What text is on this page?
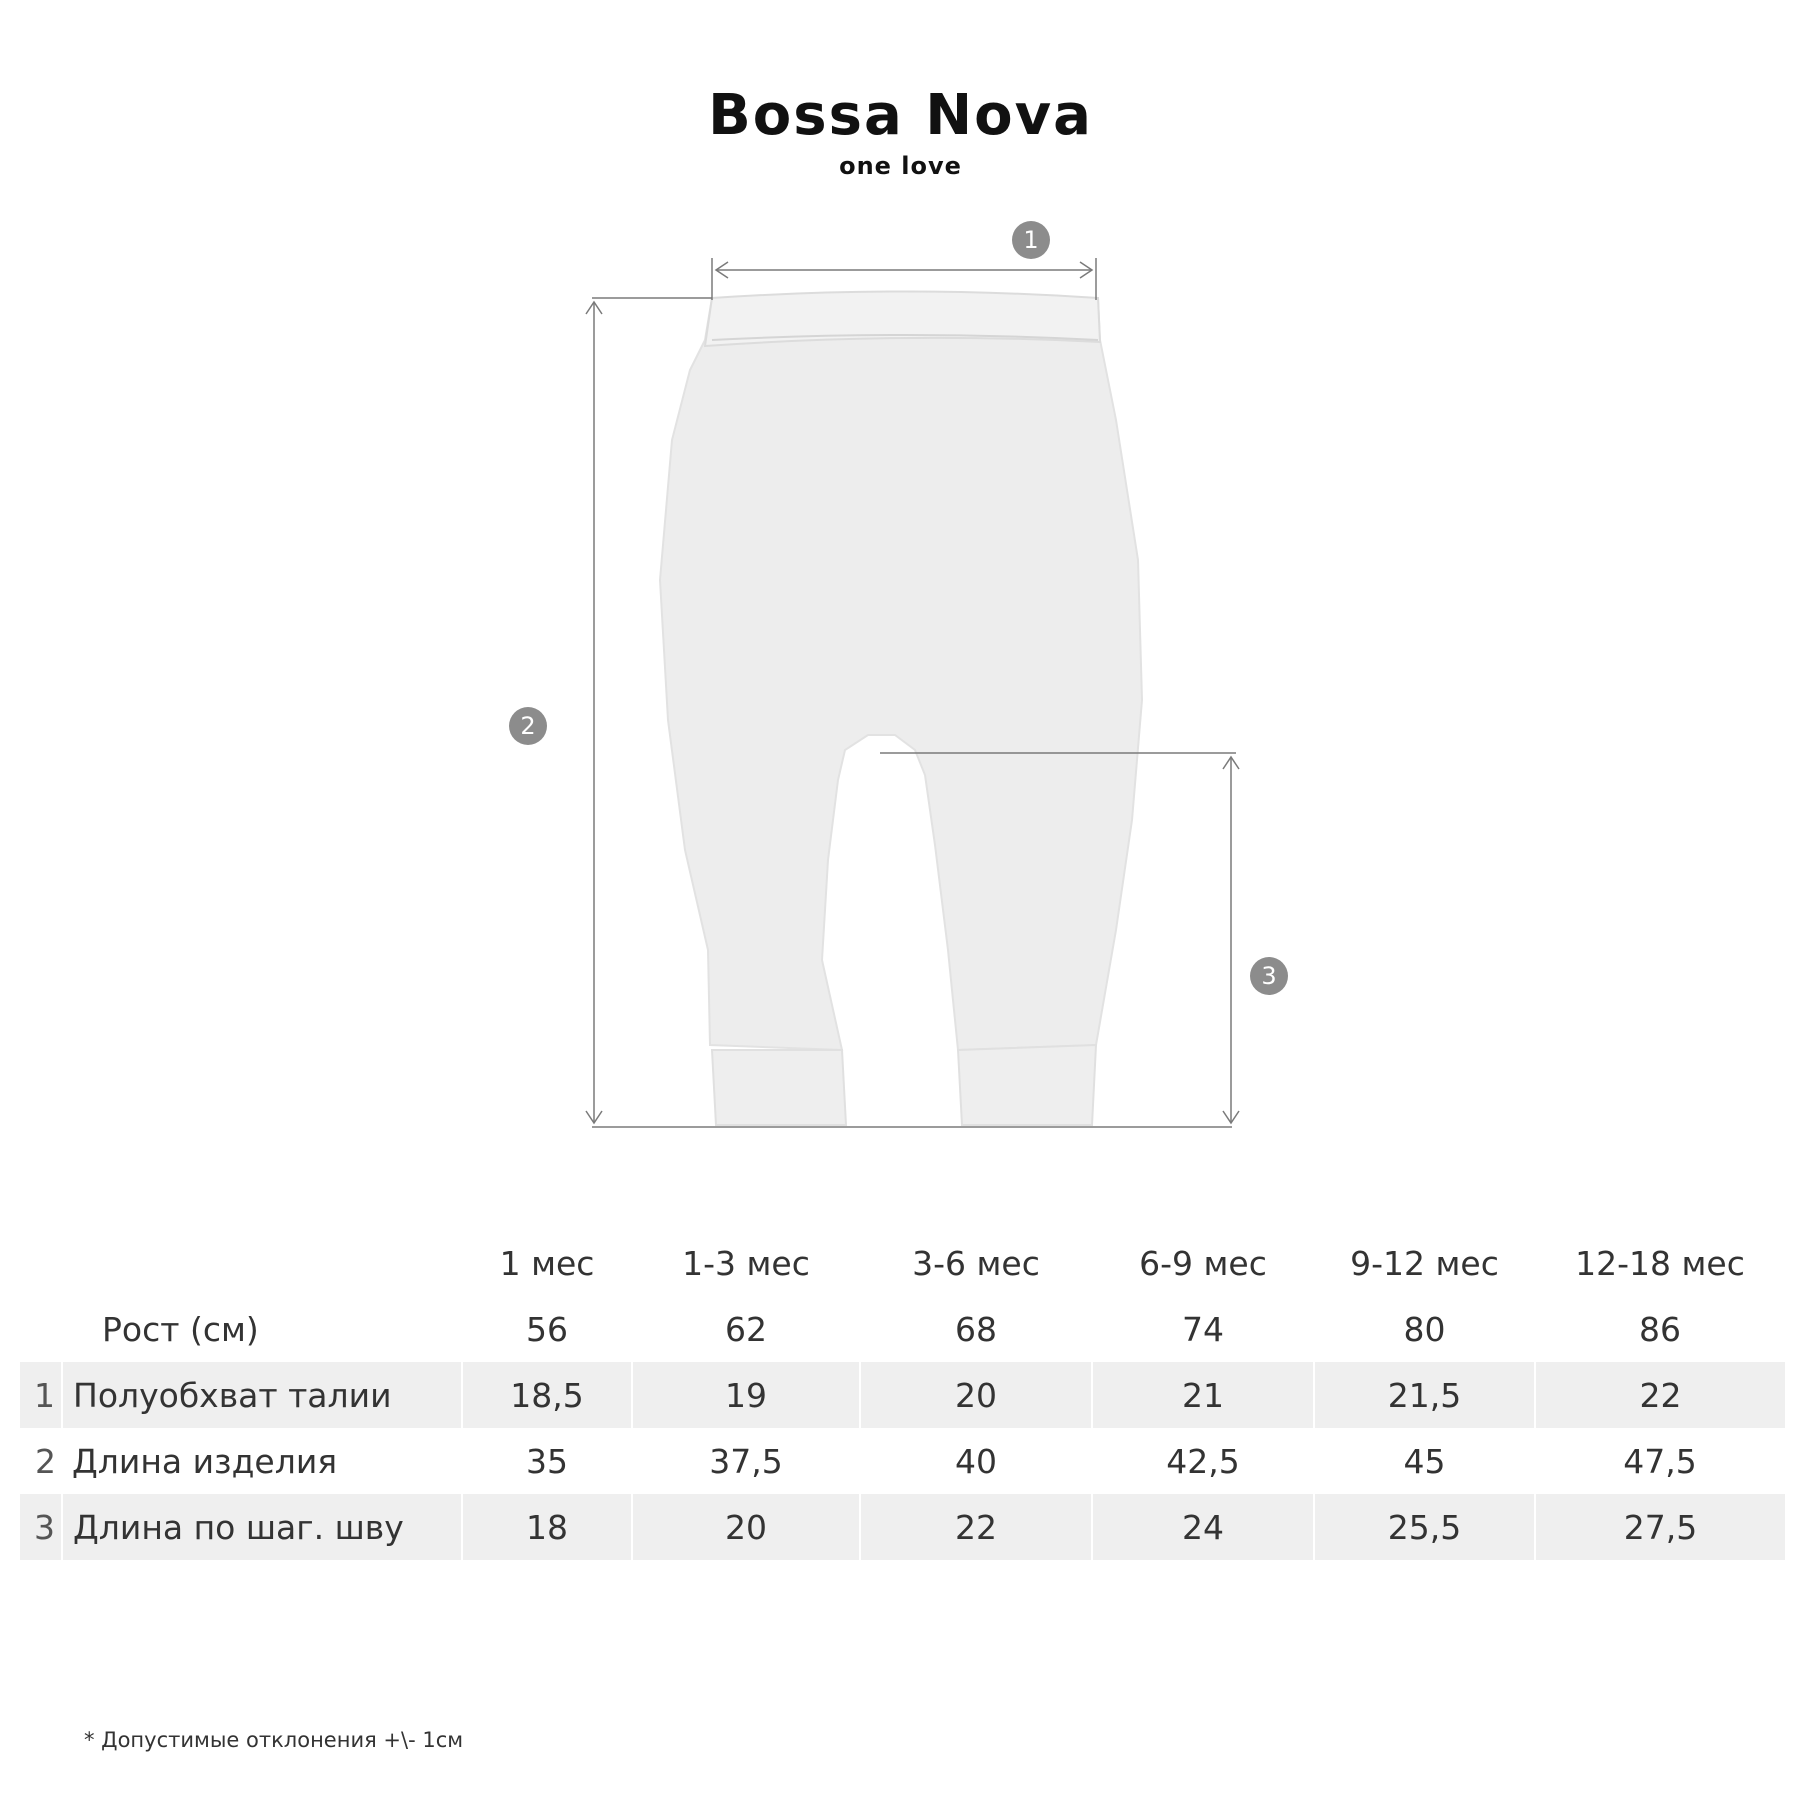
Bossa Nova
one love
1
2
3
		1 мес	1-3 мес	3-6 мес	6-9 мес	9-12 мес	12-18 мес
	Рост (см)	56	62	68	74	80	86
1	Полуобхват талии	18,5	19	20	21	21,5	22
2	Длина изделия	35	37,5	40	42,5	45	47,5
3	Длина по шаг. шву	18	20	22	24	25,5	27,5
* Допустимые отклонения +\- 1см
